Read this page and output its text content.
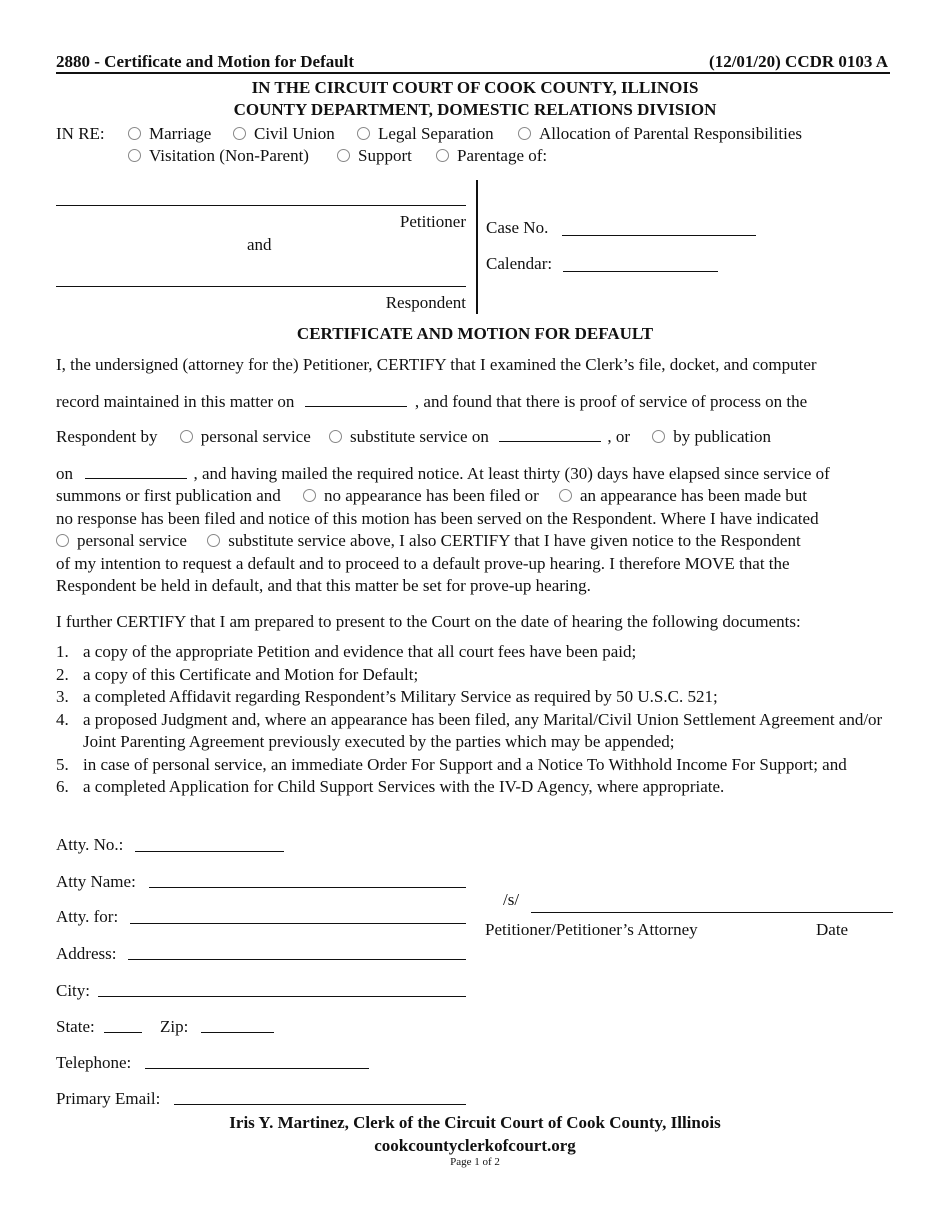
2880 - Certificate and Motion for Default	(12/01/20) CCDR 0103 A
IN THE CIRCUIT COURT OF COOK COUNTY, ILLINOIS
COUNTY DEPARTMENT, DOMESTIC RELATIONS DIVISION
IN RE:	Marriage	Civil Union	Legal Separation	Allocation of Parental Responsibilities
Visitation (Non-Parent)	Support	Parentage of:
Petitioner
and
Respondent
Case No.
Calendar:
CERTIFICATE AND MOTION FOR DEFAULT
I, the undersigned (attorney for the) Petitioner, CERTIFY that I examined the Clerk’s file, docket, and computer
record maintained in this matter on	, and found that there is proof of service of process on the
Respondent by	personal service substitute service on	, or	by publication
on	, and having mailed the required notice. At least thirty (30) days have elapsed since service of
summons or first publication and	no appearance has been filed or an appearance has been made but
no response has been filed and notice of this motion has been served on the Respondent. Where I have indicated
personal service substitute service above, I also CERTIFY that I have given notice to the Respondent
of my intention to request a default and to proceed to a default prove-up hearing. I therefore MOVE that the
Respondent be held in default, and that this matter be set for prove-up hearing.
I further CERTIFY that I am prepared to present to the Court on the date of hearing the following documents:
1. a copy of the appropriate Petition and evidence that all court fees have been paid;
2. a copy of this Certificate and Motion for Default;
3. a completed Affidavit regarding Respondent’s Military Service as required by 50 U.S.C. 521;
4. a proposed Judgment and, where an appearance has been filed, any Marital/Civil Union Settlement Agreement and/or Joint Parenting Agreement previously executed by the parties which may be appended;
5. in case of personal service, an immediate Order For Support and a Notice To Withhold Income For Support; and
6. a completed Application for Child Support Services with the IV-D Agency, where appropriate.
Atty. No.:
Atty Name:
Atty. for:
Address:
City:
State:	Zip:
Telephone:
Primary Email:
/s/
Petitioner/Petitioner’s Attorney	Date
Iris Y. Martinez, Clerk of the Circuit Court of Cook County, Illinois
cookcountyclerkofcourt.org
Page 1 of 2
